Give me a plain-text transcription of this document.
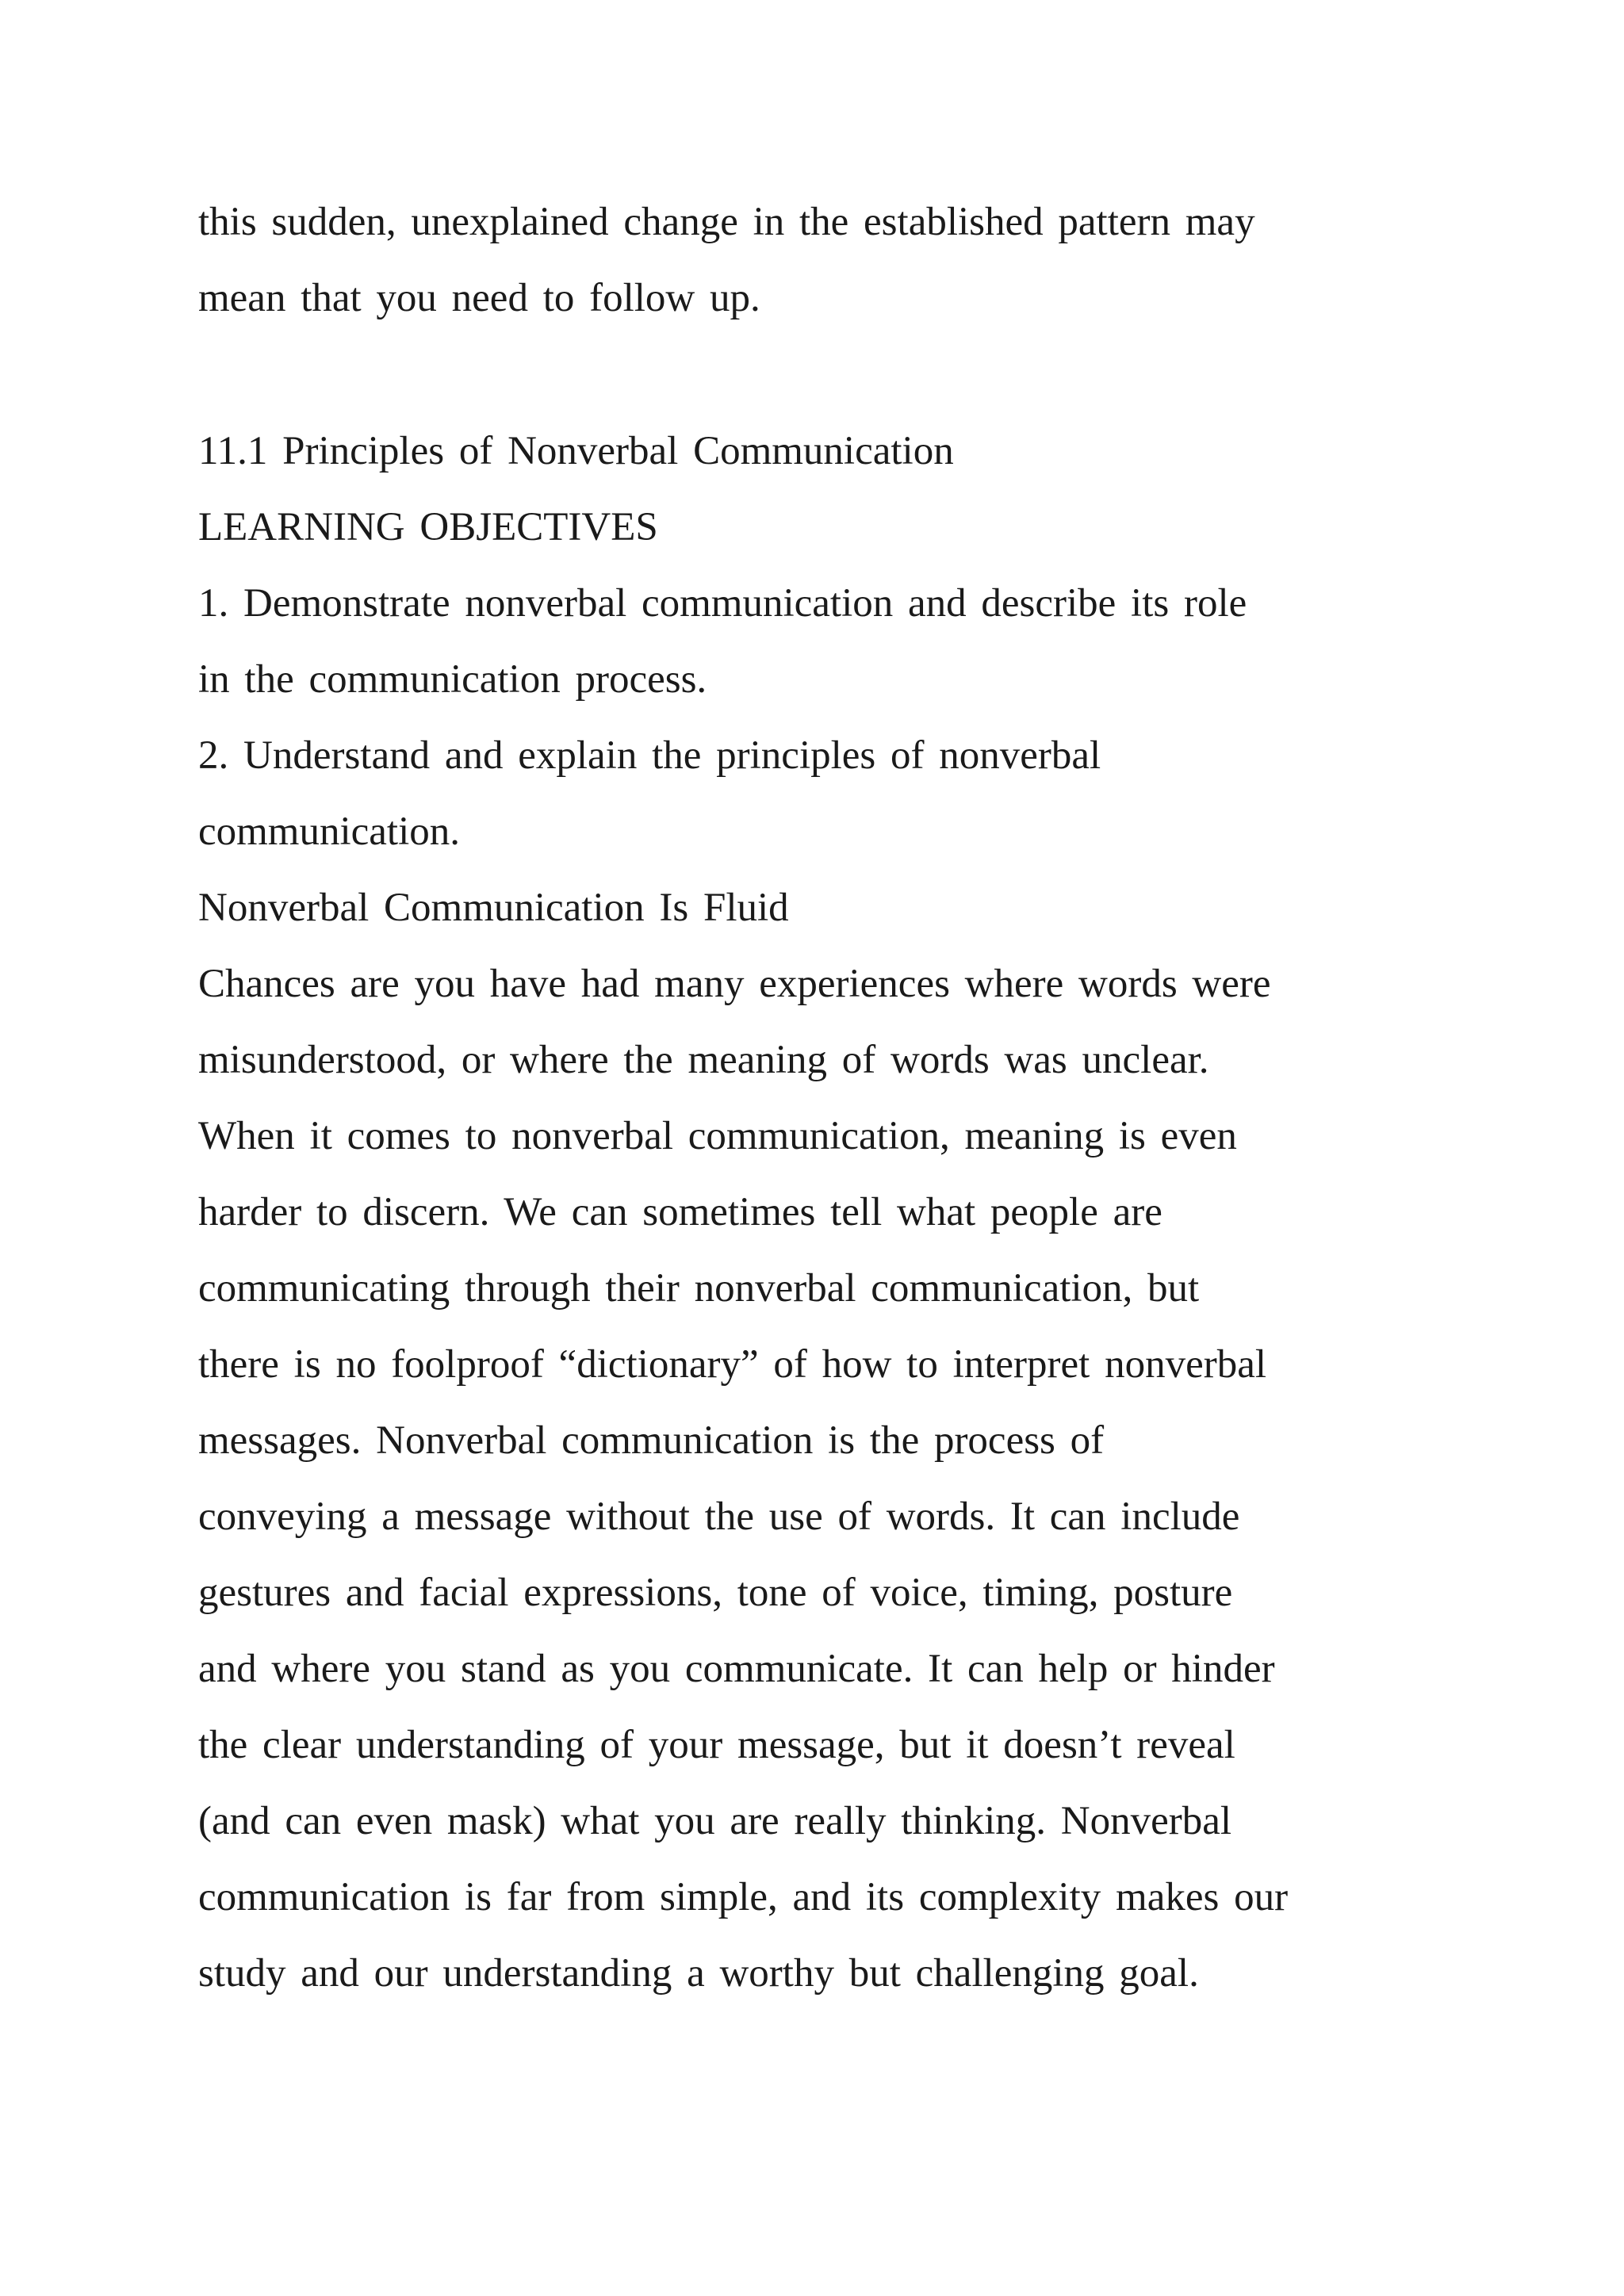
this sudden, unexplained change in the established pattern may
mean that you need to follow up.
11.1 Principles of Nonverbal Communication
LEARNING OBJECTIVES
1. Demonstrate nonverbal communication and describe its role
in the communication process.
2. Understand and explain the principles of nonverbal
communication.
Nonverbal Communication Is Fluid
Chances are you have had many experiences where words were
misunderstood, or where the meaning of words was unclear.
When it comes to nonverbal communication, meaning is even
harder to discern. We can sometimes tell what people are
communicating through their nonverbal communication, but
there is no foolproof “dictionary” of how to interpret nonverbal
messages. Nonverbal communication is the process of
conveying a message without the use of words. It can include
gestures and facial expressions, tone of voice, timing, posture
and where you stand as you communicate. It can help or hinder
the clear understanding of your message, but it doesn’t reveal
(and can even mask) what you are really thinking. Nonverbal
communication is far from simple, and its complexity makes our
study and our understanding a worthy but challenging goal.
